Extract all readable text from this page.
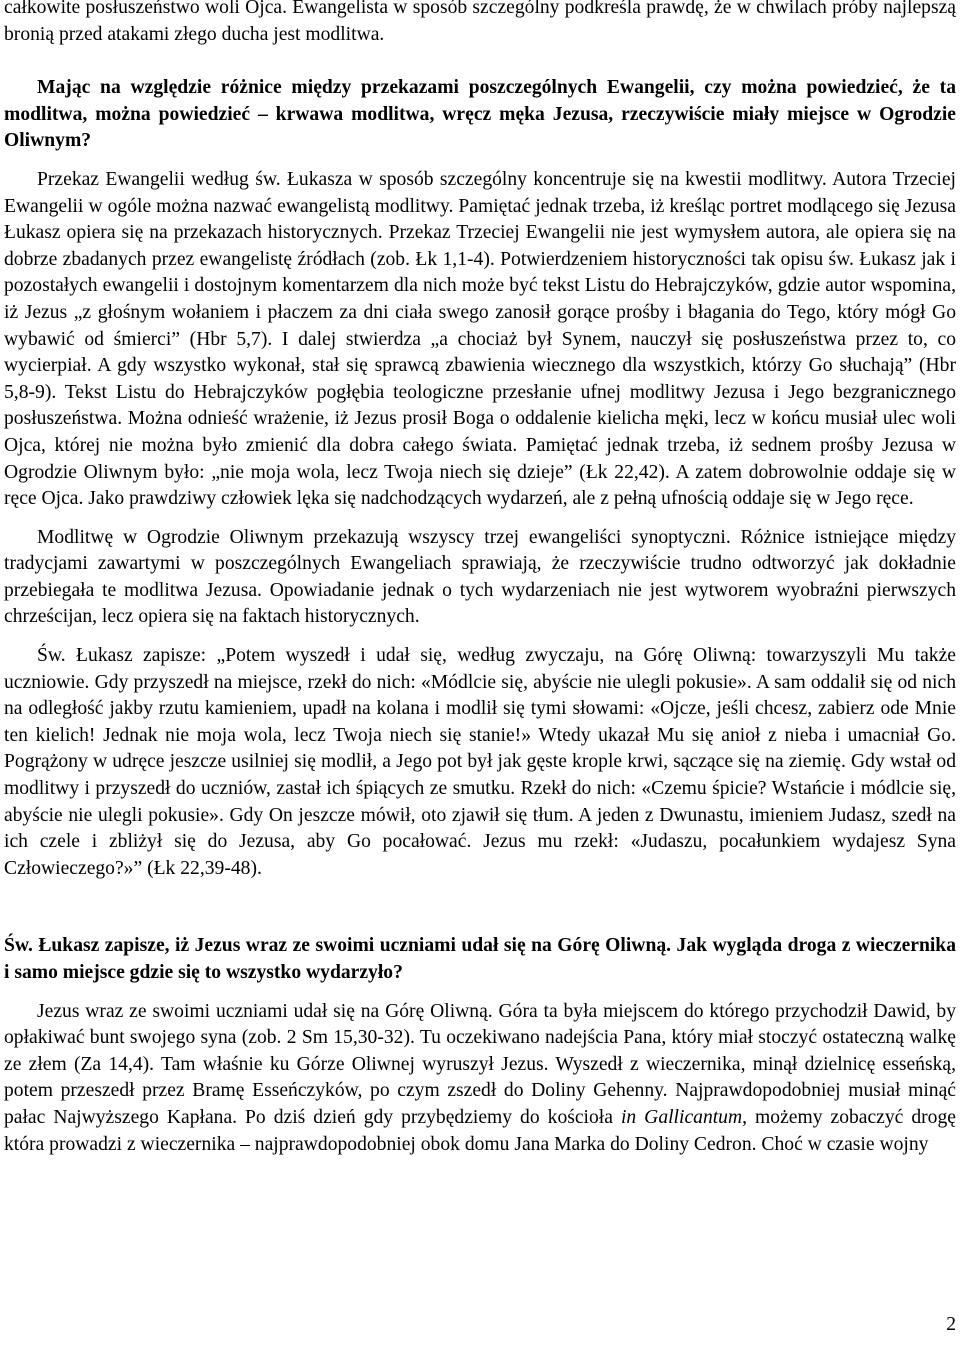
całkowite posłuszeństwo woli Ojca. Ewangelista w sposób szczególny podkreśla prawdę, że w chwilach próby najlepszą bronią przed atakami złego ducha jest modlitwa.

Mając na względzie różnice między przekazami poszczególnych Ewangelii, czy można powiedzieć, że ta modlitwa, można powiedzieć – krwawa modlitwa, wręcz męka Jezusa, rzeczywiście miały miejsce w Ogrodzie Oliwnym?

Przekaz Ewangelii według św. Łukasza w sposób szczególny koncentruje się na kwestii modlitwy. Autora Trzeciej Ewangelii w ogóle można nazwać ewangelistą modlitwy. Pamiętać jednak trzeba, iż kreśląc portret modlącego się Jezusa Łukasz opiera się na przekazach historycznych. Przekaz Trzeciej Ewangelii nie jest wymysłem autora, ale opiera się na dobrze zbadanych przez ewangelistę źródłach (zob. Łk 1,1-4). Potwierdzeniem historyczności tak opisu św. Łukasz jak i pozostałych ewangelii i dostojnym komentarzem dla nich może być tekst Listu do Hebrajczyków, gdzie autor wspomina, iż Jezus „z głośnym wołaniem i płaczem za dni ciała swego zanosił gorące prośby i błagania do Tego, który mógł Go wybawić od śmierci” (Hbr 5,7). I dalej stwierdza „a chociaż był Synem, nauczył się posłuszeństwa przez to, co wycierpiał. A gdy wszystko wykonał, stał się sprawcą zbawienia wiecznego dla wszystkich, którzy Go słuchają” (Hbr 5,8-9). Tekst Listu do Hebrajczyków pogłębia teologiczne przesłanie ufnej modlitwy Jezusa i Jego bezgranicznego posłuszeństwa. Można odnieść wrażenie, iż Jezus prosił Boga o oddalenie kielicha męki, lecz w końcu musiał ulec woli Ojca, której nie można było zmienić dla dobra całego świata. Pamiętać jednak trzeba, iż sednem prośby Jezusa w Ogrodzie Oliwnym było: „nie moja wola, lecz Twoja niech się dzieje” (Łk 22,42). A zatem dobrowolnie oddaje się w ręce Ojca. Jako prawdziwy człowiek lęka się nadchodzących wydarzeń, ale z pełną ufnością oddaje się w Jego ręce.

Modlitwę w Ogrodzie Oliwnym przekazują wszyscy trzej ewangeliści synoptyczni. Różnice istniejące między tradycjami zawartymi w poszczególnych Ewangeliach sprawiają, że rzeczywiście trudno odtworzyć jak dokładnie przebiegała te modlitwa Jezusa. Opowiadanie jednak o tych wydarzeniach nie jest wytworem wyobraźni pierwszych chrześcijan, lecz opiera się na faktach historycznych.

Św. Łukasz zapisze: „Potem wyszedł i udał się, według zwyczaju, na Górę Oliwną: towarzyszyli Mu także uczniowie. Gdy przyszedł na miejsce, rzekł do nich: «Módlcie się, abyście nie ulegli pokusie». A sam oddalił się od nich na odległość jakby rzutu kamieniem, upadł na kolana i modlił się tymi słowami: «Ojcze, jeśli chcesz, zabierz ode Mnie ten kielich! Jednak nie moja wola, lecz Twoja niech się stanie!» Wtedy ukazał Mu się anioł z nieba i umacniał Go. Pogrążony w udręce jeszcze usilniej się modlił, a Jego pot był jak gęste krople krwi, sączące się na ziemię. Gdy wstał od modlitwy i przyszedł do uczniów, zastał ich śpiących ze smutku. Rzekł do nich: «Czemu śpicie? Wstańcie i módlcie się, abyście nie ulegli pokusie». Gdy On jeszcze mówił, oto zjawił się tłum. A jeden z Dwunastu, imieniem Judasz, szedł na ich czele i zbliżył się do Jezusa, aby Go pocałować. Jezus mu rzekł: «Judaszu, pocałunkiem wydajesz Syna Człowieczego?»” (Łk 22,39-48).

Św. Łukasz zapisze, iż Jezus wraz ze swoimi uczniami udał się na Górę Oliwną. Jak wygląda droga z wieczernika i samo miejsce gdzie się to wszystko wydarzyło?

Jezus wraz ze swoimi uczniami udał się na Górę Oliwną. Góra ta była miejscem do którego przychodził Dawid, by opłakiwać bunt swojego syna (zob. 2 Sm 15,30-32). Tu oczekiwano nadejścia Pana, który miał stoczyć ostateczną walkę ze złem (Za 14,4). Tam właśnie ku Górze Oliwnej wyruszył Jezus. Wyszedł z wieczernika, minął dzielnicę esseńską, potem przeszedł przez Bramę Esseńczyków, po czym zszedł do Doliny Gehenny. Najprawdopodobniej musiał minąć pałac Najwyższego Kapłana. Po dziś dzień gdy przybędziemy do kościoła in Gallicantum, możemy zobaczyć drogę która prowadzi z wieczernika – najprawdopodobniej obok domu Jana Marka do Doliny Cedron. Choć w czasie wojny

2
